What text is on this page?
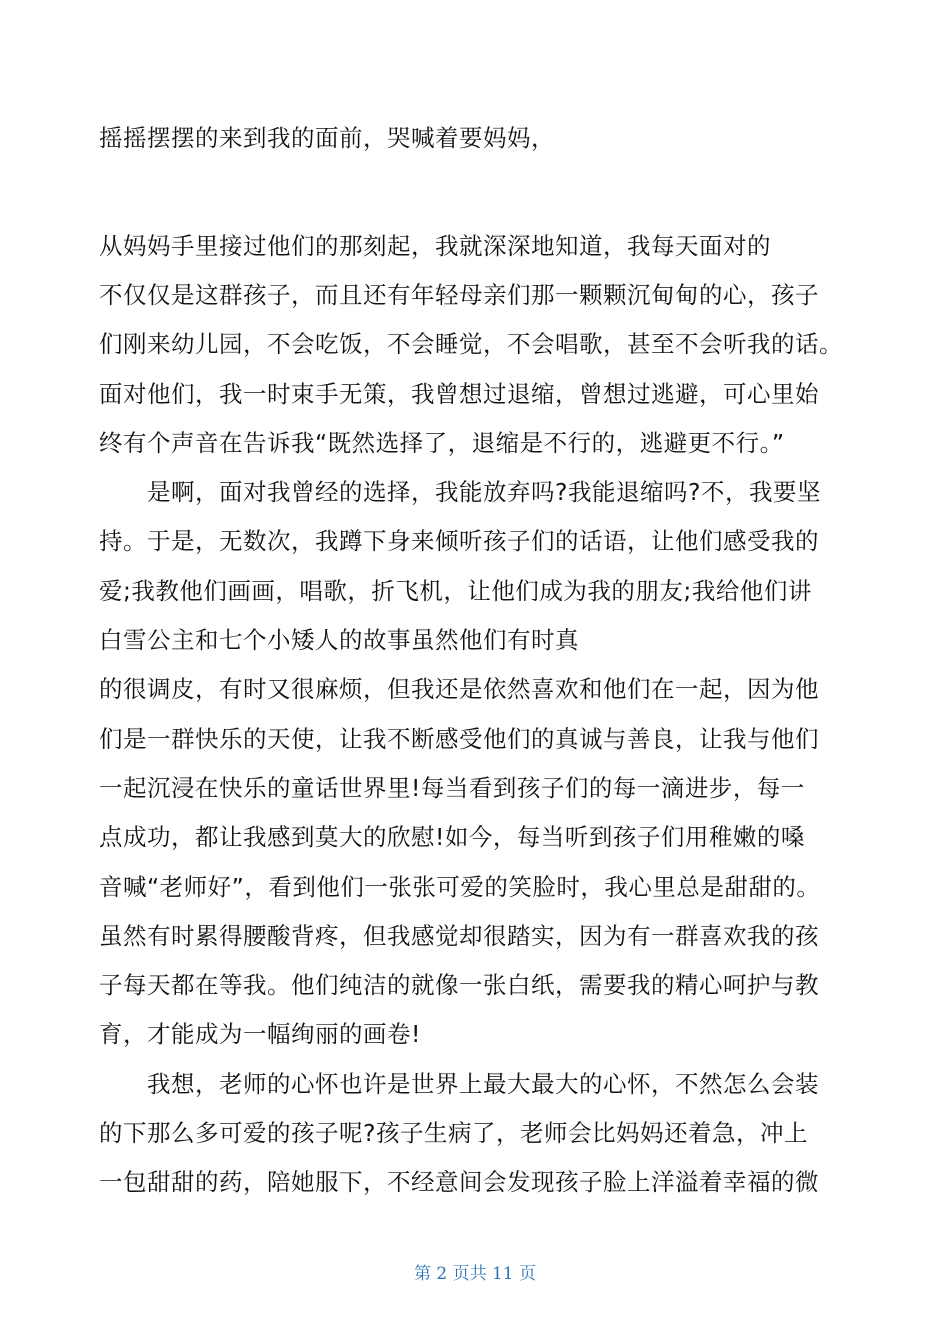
摇摇摆摆的来到我的面前，哭喊着要妈妈，

从妈妈手里接过他们的那刻起，我就深深地知道，我每天面对的

不仅仅是这群孩子，而且还有年轻母亲们那一颗颗沉甸甸的心，孩子

们刚来幼儿园，不会吃饭，不会睡觉，不会唱歌，甚至不会听我的话。

面对他们，我一时束手无策，我曾想过退缩，曾想过逃避，可心里始

终有个声音在告诉我“既然选择了，退缩是不行的，逃避更不行。”

　　是啊，面对我曾经的选择，我能放弃吗?我能退缩吗?不，我要坚

持。于是，无数次，我蹲下身来倾听孩子们的话语，让他们感受我的

爱;我教他们画画，唱歌，折飞机，让他们成为我的朋友;我给他们讲

白雪公主和七个小矮人的故事虽然他们有时真

的很调皮，有时又很麻烦，但我还是依然喜欢和他们在一起，因为他

们是一群快乐的天使，让我不断感受他们的真诚与善良，让我与他们

一起沉浸在快乐的童话世界里!每当看到孩子们的每一滴进步，每一

点成功，都让我感到莫大的欣慰!如今，每当听到孩子们用稚嫩的嗓

音喊“老师好”，看到他们一张张可爱的笑脸时，我心里总是甜甜的。

虽然有时累得腰酸背疼，但我感觉却很踏实，因为有一群喜欢我的孩

子每天都在等我。他们纯洁的就像一张白纸，需要我的精心呵护与教

育，才能成为一幅绚丽的画卷!

　　我想，老师的心怀也许是世界上最大最大的心怀，不然怎么会装

的下那么多可爱的孩子呢?孩子生病了，老师会比妈妈还着急，冲上

一包甜甜的药，陪她服下，不经意间会发现孩子脸上洋溢着幸福的微

第 2 页共 11 页
